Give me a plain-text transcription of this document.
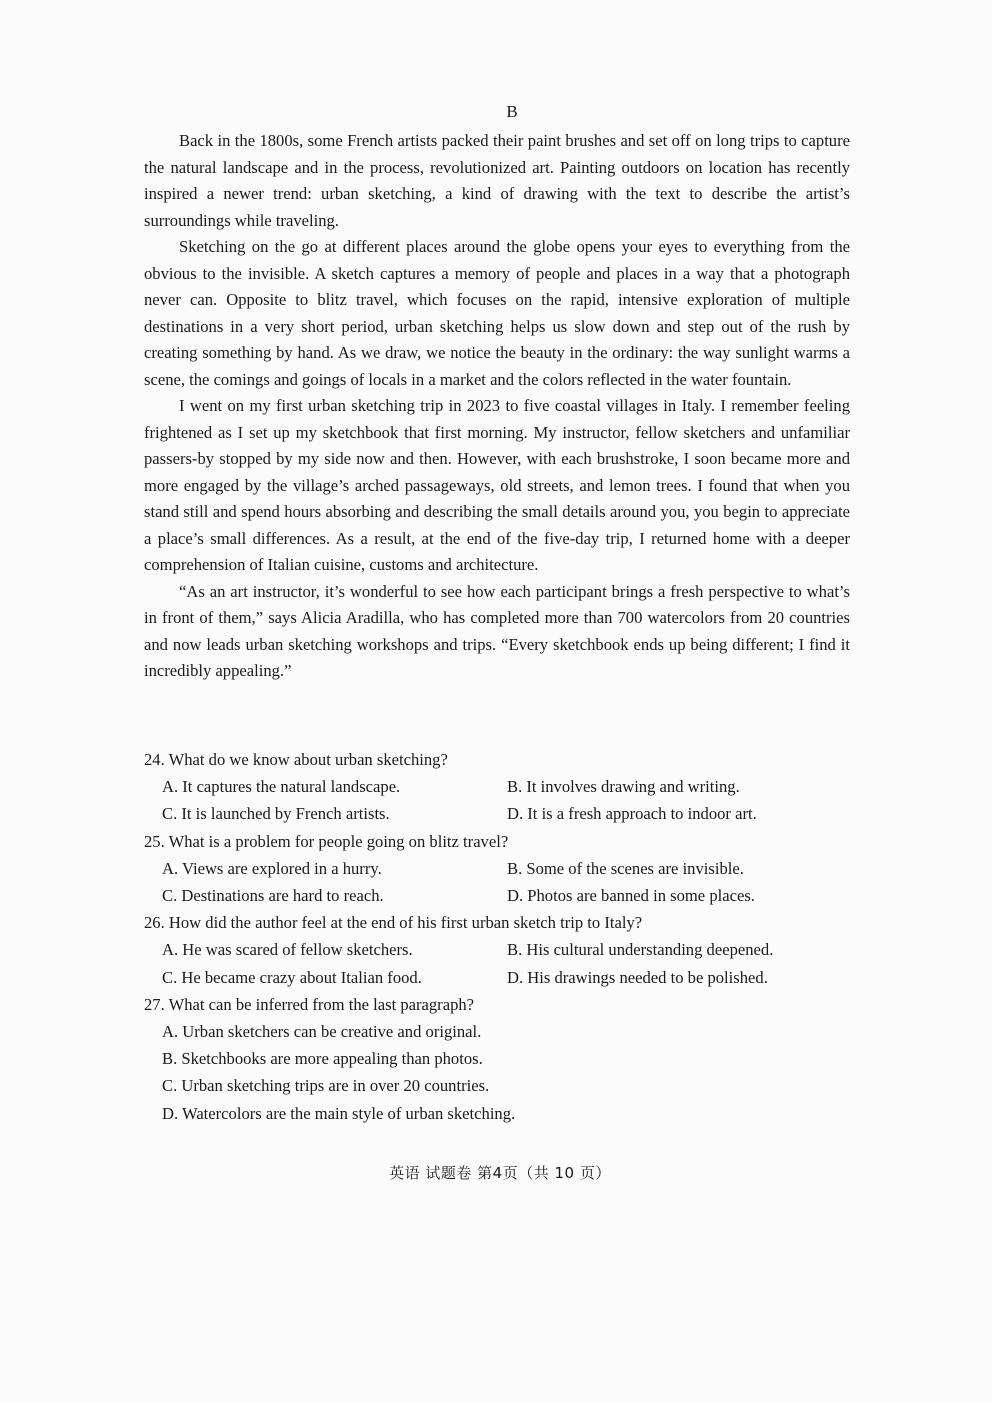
B

Back in the 1800s, some French artists packed their paint brushes and set off on long trips to capture the natural landscape and in the process, revolutionized art. Painting outdoors on location has recently inspired a newer trend: urban sketching, a kind of drawing with the text to describe the artist’s surroundings while traveling.

Sketching on the go at different places around the globe opens your eyes to everything from the obvious to the invisible. A sketch captures a memory of people and places in a way that a photograph never can. Opposite to blitz travel, which focuses on the rapid, intensive exploration of multiple destinations in a very short period, urban sketching helps us slow down and step out of the rush by creating something by hand. As we draw, we notice the beauty in the ordinary: the way sunlight warms a scene, the comings and goings of locals in a market and the colors reflected in the water fountain.

I went on my first urban sketching trip in 2023 to five coastal villages in Italy. I remember feeling frightened as I set up my sketchbook that first morning. My instructor, fellow sketchers and unfamiliar passers-by stopped by my side now and then. However, with each brushstroke, I soon became more and more engaged by the village’s arched passageways, old streets, and lemon trees. I found that when you stand still and spend hours absorbing and describing the small details around you, you begin to appreciate a place’s small differences. As a result, at the end of the five-day trip, I returned home with a deeper comprehension of Italian cuisine, customs and architecture.

“As an art instructor, it’s wonderful to see how each participant brings a fresh perspective to what’s in front of them,” says Alicia Aradilla, who has completed more than 700 watercolors from 20 countries and now leads urban sketching workshops and trips. “Every sketchbook ends up being different; I find it incredibly appealing.”

24. What do we know about urban sketching?
A. It captures the natural landscape.	B. It involves drawing and writing.
C. It is launched by French artists.	D. It is a fresh approach to indoor art.
25. What is a problem for people going on blitz travel?
A. Views are explored in a hurry.	B. Some of the scenes are invisible.
C. Destinations are hard to reach.	D. Photos are banned in some places.
26. How did the author feel at the end of his first urban sketch trip to Italy?
A. He was scared of fellow sketchers.	B. His cultural understanding deepened.
C. He became crazy about Italian food.	D. His drawings needed to be polished.
27. What can be inferred from the last paragraph?
A. Urban sketchers can be creative and original.
B. Sketchbooks are more appealing than photos.
C. Urban sketching trips are in over 20 countries.
D. Watercolors are the main style of urban sketching.
英语 试题卷 第4页（共 10 页）
